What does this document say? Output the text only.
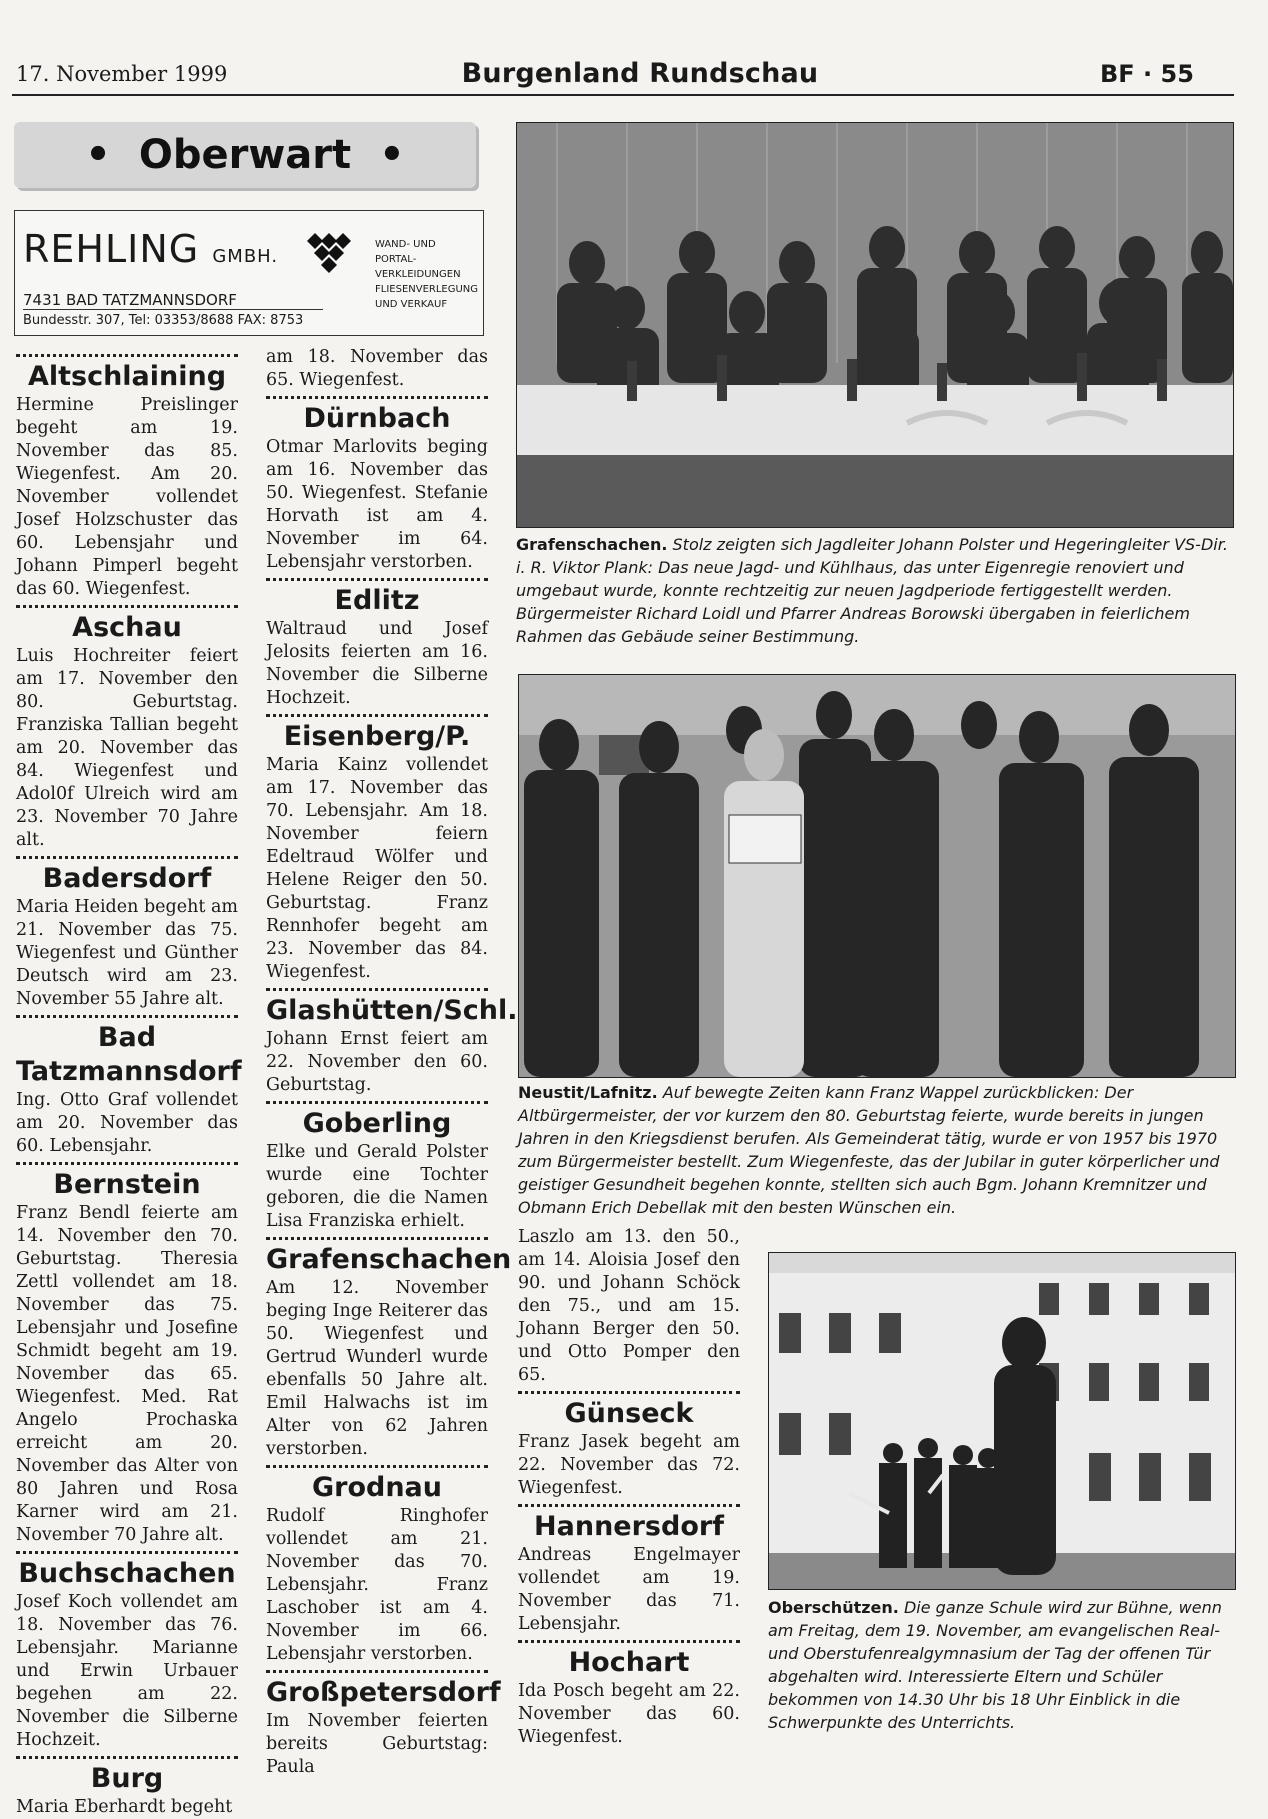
17. November 1999	Burgenland Rundschau	BF · 55
• Oberwart •
REHLING GMBH.
WAND- UND
PORTAL-
VERKLEIDUNGEN
FLIESENVERLEGUNG
UND VERKAUF
7431 BAD TATZMANNSDORF
Bundesstr. 307, Tel: 03353/8688 FAX: 8753
Altschlaining

Hermine Preislinger begeht am 19. November das 85. Wiegenfest. Am 20. November vollendet Josef Holzschuster das 60. Lebensjahr und Johann Pimperl begeht das 60. Wiegenfest.

Aschau

Luis Hochreiter feiert am 17. November den 80. Geburtstag. Franziska Tallian begeht am 20. November das 84. Wiegenfest und Adol0f Ulreich wird am 23. November 70 Jahre alt.

Badersdorf

Maria Heiden begeht am 21. November das 75. Wiegenfest und Günther Deutsch wird am 23. November 55 Jahre alt.

Bad Tatzmannsdorf

Ing. Otto Graf vollendet am 20. November das 60. Lebensjahr.

Bernstein

Franz Bendl feierte am 14. November den 70. Geburtstag. Theresia Zettl vollendet am 18. November das 75. Lebensjahr und Josefine Schmidt begeht am 19. November das 65. Wiegenfest. Med. Rat Angelo Prochaska erreicht am 20. November das Alter von 80 Jahren und Rosa Karner wird am 21. November 70 Jahre alt.

Buchschachen

Josef Koch vollendet am 18. November das 76. Lebensjahr. Marianne und Erwin Urbauer begehen am 22. November die Silberne Hochzeit.

Burg

Maria Eberhardt begeht

am 18. November das 65. Wiegenfest.

Dürnbach

Otmar Marlovits beging am 16. November das 50. Wiegenfest. Stefanie Horvath ist am 4. November im 64. Lebensjahr verstorben.

Edlitz

Waltraud und Josef Jelosits feierten am 16. November die Silberne Hochzeit.

Eisenberg/P.

Maria Kainz vollendet am 17. November das 70. Lebensjahr. Am 18. November feiern Edeltraud Wölfer und Helene Reiger den 50. Geburtstag. Franz Rennhofer begeht am 23. November das 84. Wiegenfest.

Glashütten/Schl.

Johann Ernst feiert am 22. November den 60. Geburtstag.

Goberling

Elke und Gerald Polster wurde eine Tochter geboren, die die Namen Lisa Franziska erhielt.

Grafenschachen

Am 12. November beging Inge Reiterer das 50. Wiegenfest und Gertrud Wunderl wurde ebenfalls 50 Jahre alt. Emil Halwachs ist im Alter von 62 Jahren verstorben.

Grodnau

Rudolf Ringhofer vollendet am 21. November das 70. Lebensjahr. Franz Laschober ist am 4. November im 66. Lebensjahr verstorben.

Großpetersdorf

Im November feierten bereits Geburtstag: Paula

Laszlo am 13. den 50., am 14. Aloisia Josef den 90. und Johann Schöck den 75., und am 15. Johann Berger den 50. und Otto Pomper den 65.

Günseck

Franz Jasek begeht am 22. November das 72. Wiegenfest.

Hannersdorf

Andreas Engelmayer vollendet am 19. November das 71. Lebensjahr.

Hochart

Ida Posch begeht am 22. November das 60. Wiegenfest.

Grafenschachen. Stolz zeigten sich Jagdleiter Johann Polster und Hegeringleiter VS-Dir. i. R. Viktor Plank: Das neue Jagd- und Kühlhaus, das unter Eigenregie renoviert und umgebaut wurde, konnte rechtzeitig zur neuen Jagdperiode fertiggestellt werden. Bürgermeister Richard Loidl und Pfarrer Andreas Borowski übergaben in feierlichem Rahmen das Gebäude seiner Bestimmung.
Neustit/Lafnitz. Auf bewegte Zeiten kann Franz Wappel zurückblicken: Der Altbürgermeister, der vor kurzem den 80. Geburtstag feierte, wurde bereits in jungen Jahren in den Kriegsdienst berufen. Als Gemeinderat tätig, wurde er von 1957 bis 1970 zum Bürgermeister bestellt. Zum Wiegenfeste, das der Jubilar in guter körperlicher und geistiger Gesundheit begehen konnte, stellten sich auch Bgm. Johann Kremnitzer und Obmann Erich Debellak mit den besten Wünschen ein.
Oberschützen. Die ganze Schule wird zur Bühne, wenn am Freitag, dem 19. November, am evangelischen Real- und Oberstufenrealgymnasium der Tag der offenen Tür abgehalten wird. Interessierte Eltern und Schüler bekommen von 14.30 Uhr bis 18 Uhr Einblick in die Schwerpunkte des Unterrichts.
